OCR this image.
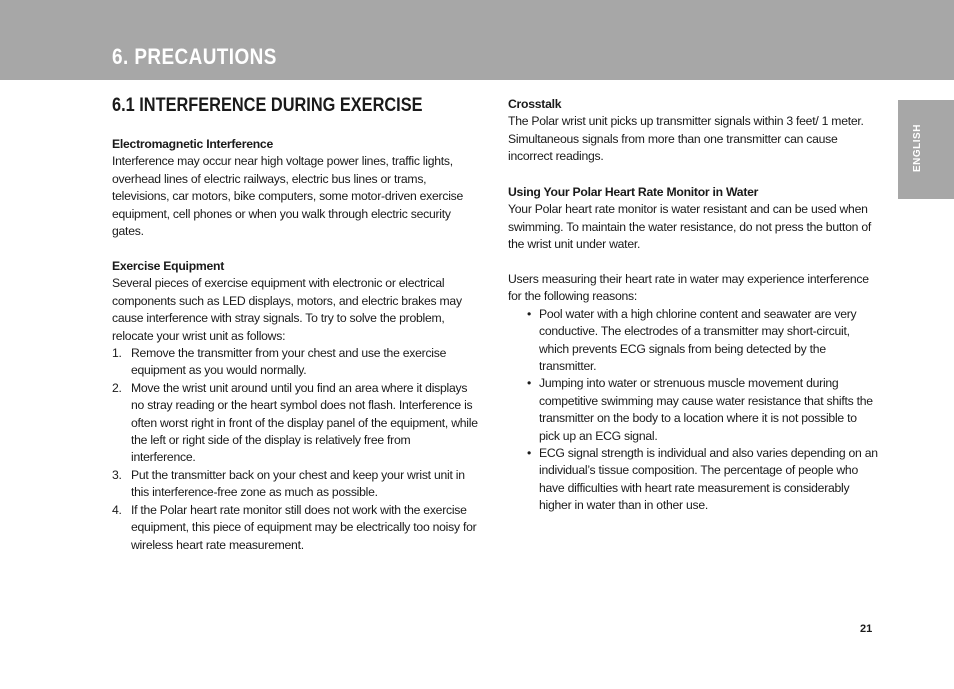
6. PRECAUTIONS
ENGLISH
6.1 INTERFERENCE DURING EXERCISE

Electromagnetic Interference

Interference may occur near high voltage power lines, traffic lights, overhead lines of electric railways, electric bus lines or trams, televisions, car motors, bike computers, some motor-driven exercise equipment, cell phones or when you walk through electric security gates.

Exercise Equipment

Several pieces of exercise equipment with electronic or electrical components such as LED displays, motors, and electric brakes may cause interference with stray signals. To try to solve the problem, relocate your wrist unit as follows:

1. Remove the transmitter from your chest and use the exercise equipment as you would normally.
2. Move the wrist unit around until you find an area where it displays no stray reading or the heart symbol does not flash. Interference is often worst right in front of the display panel of the equipment, while the left or right side of the display is relatively free from interference.
3. Put the transmitter back on your chest and keep your wrist unit in this interference-free zone as much as possible.
4. If the Polar heart rate monitor still does not work with the exercise equipment, this piece of equipment may be electrically too noisy for wireless heart rate measurement.

Crosstalk

The Polar wrist unit picks up transmitter signals within 3 feet/ 1 meter. Simultaneous signals from more than one transmitter can cause incorrect readings.

Using Your Polar Heart Rate Monitor in Water

Your Polar heart rate monitor is water resistant and can be used when swimming. To maintain the water resistance, do not press the button of the wrist unit under water.

Users measuring their heart rate in water may experience interference for the following reasons:

• Pool water with a high chlorine content and seawater are very conductive. The electrodes of a transmitter may short-circuit, which prevents ECG signals from being detected by the transmitter.
• Jumping into water or strenuous muscle movement during competitive swimming may cause water resistance that shifts the transmitter on the body to a location where it is not possible to pick up an ECG signal.
• ECG signal strength is individual and also varies depending on an individual’s tissue composition. The percentage of people who have difficulties with heart rate measurement is considerably higher in water than in other use.
21
